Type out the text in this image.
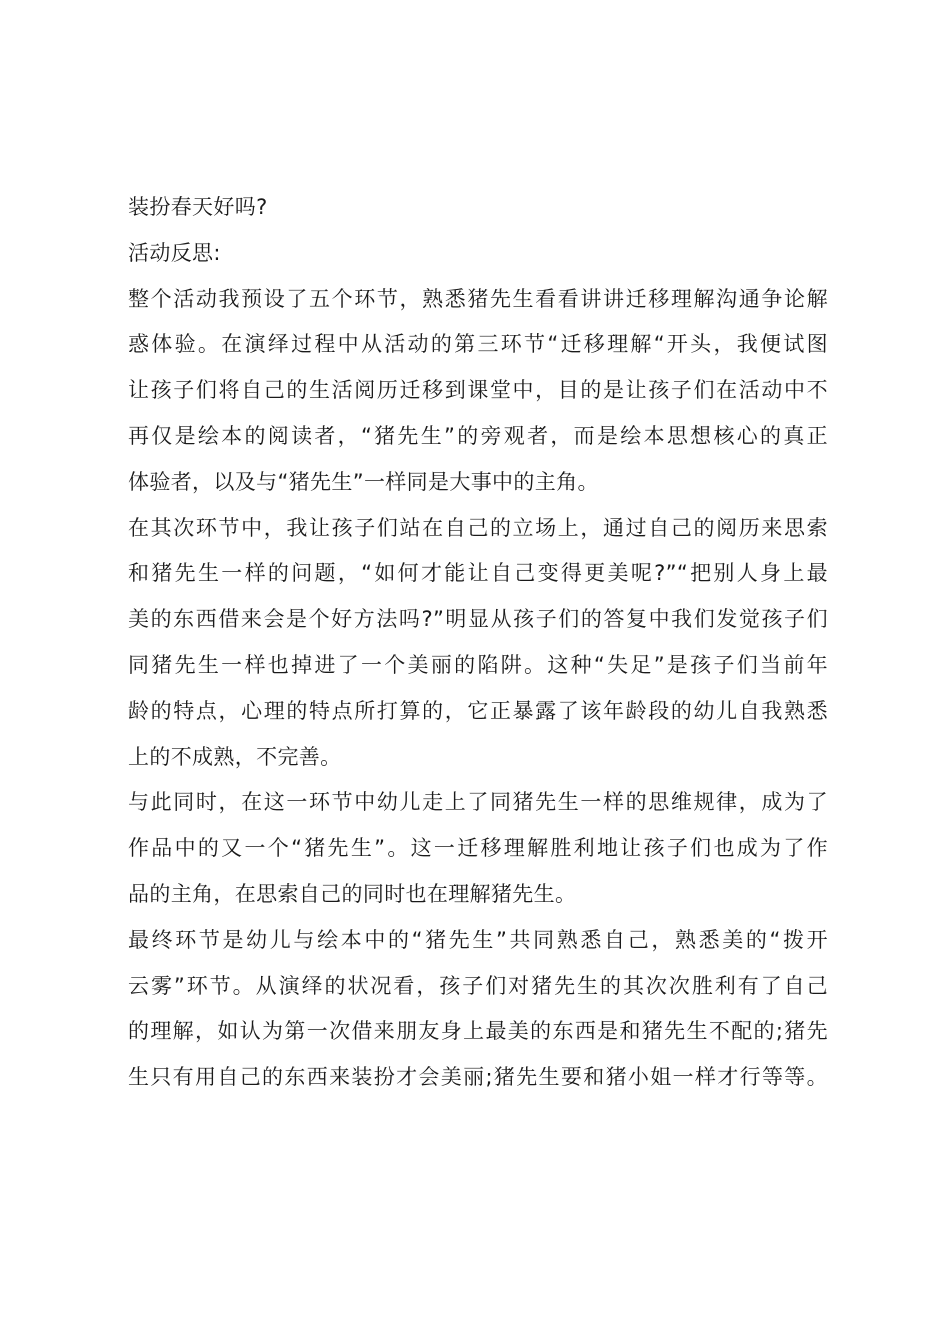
装扮春天好吗?
活动反思:
整个活动我预设了五个环节，熟悉猪先生看看讲讲迁移理解沟通争论解
惑体验。在演绎过程中从活动的第三环节“迁移理解“开头，我便试图
让孩子们将自己的生活阅历迁移到课堂中，目的是让孩子们在活动中不
再仅是绘本的阅读者，“猪先生”的旁观者，而是绘本思想核心的真正
体验者，以及与“猪先生”一样同是大事中的主角。
在其次环节中，我让孩子们站在自己的立场上，通过自己的阅历来思索
和猪先生一样的问题，“如何才能让自己变得更美呢?”“把别人身上最
美的东西借来会是个好方法吗?”明显从孩子们的答复中我们发觉孩子们
同猪先生一样也掉进了一个美丽的陷阱。这种“失足”是孩子们当前年
龄的特点，心理的特点所打算的，它正暴露了该年龄段的幼儿自我熟悉
上的不成熟，不完善。
与此同时，在这一环节中幼儿走上了同猪先生一样的思维规律，成为了
作品中的又一个“猪先生”。这一迁移理解胜利地让孩子们也成为了作
品的主角，在思索自己的同时也在理解猪先生。
最终环节是幼儿与绘本中的“猪先生”共同熟悉自己，熟悉美的“拨开
云雾”环节。从演绎的状况看，孩子们对猪先生的其次次胜利有了自己
的理解，如认为第一次借来朋友身上最美的东西是和猪先生不配的;猪先
生只有用自己的东西来装扮才会美丽;猪先生要和猪小姐一样才行等等。
